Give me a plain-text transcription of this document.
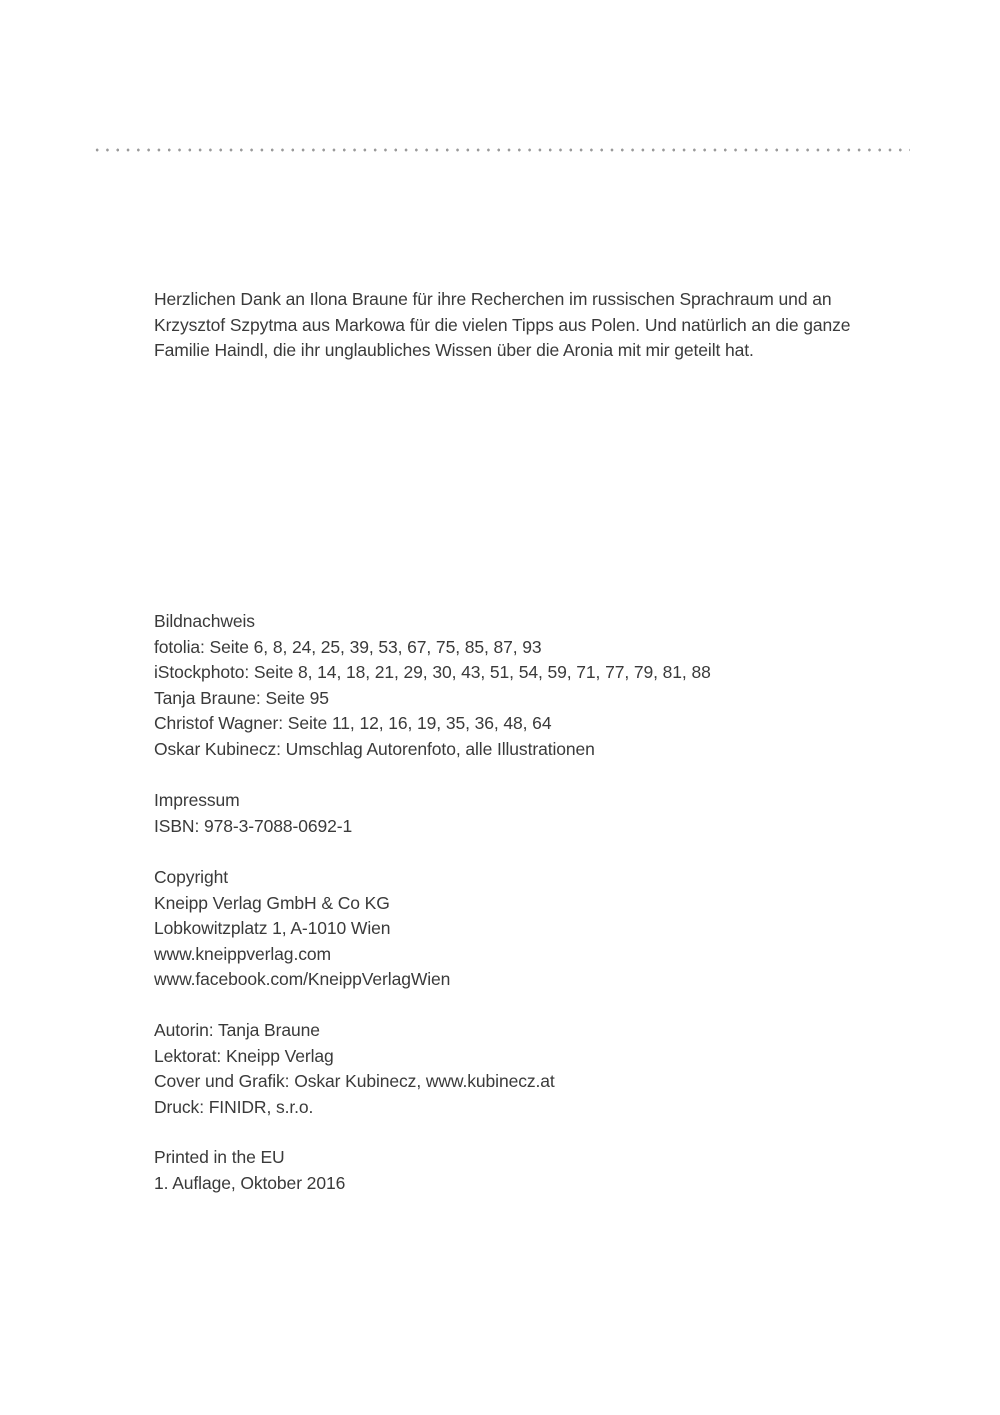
Herzlichen Dank an Ilona Braune für ihre Recherchen im russischen Sprachraum und an

Krzysztof Szpytma aus Markowa für die vielen Tipps aus Polen. Und natürlich an die ganze

Familie Haindl, die ihr unglaubliches Wissen über die Aronia mit mir geteilt hat.

Bildnachweis

fotolia: Seite 6, 8, 24, 25, 39, 53, 67, 75, 85, 87, 93

iStockphoto: Seite 8, 14, 18, 21, 29, 30, 43, 51, 54, 59, 71, 77, 79, 81, 88

Tanja Braune: Seite 95

Christof Wagner: Seite 11, 12, 16, 19, 35, 36, 48, 64

Oskar Kubinecz: Umschlag Autorenfoto, alle Illustrationen

Impressum

ISBN: 978-3-7088-0692-1

Copyright

Kneipp Verlag GmbH & Co KG

Lobkowitzplatz 1, A-1010 Wien

www.kneippverlag.com

www.facebook.com/KneippVerlagWien

Autorin: Tanja Braune

Lektorat: Kneipp Verlag

Cover und Grafik: Oskar Kubinecz, www.kubinecz.at

Druck: FINIDR, s.r.o.

Printed in the EU

1. Auflage, Oktober 2016
